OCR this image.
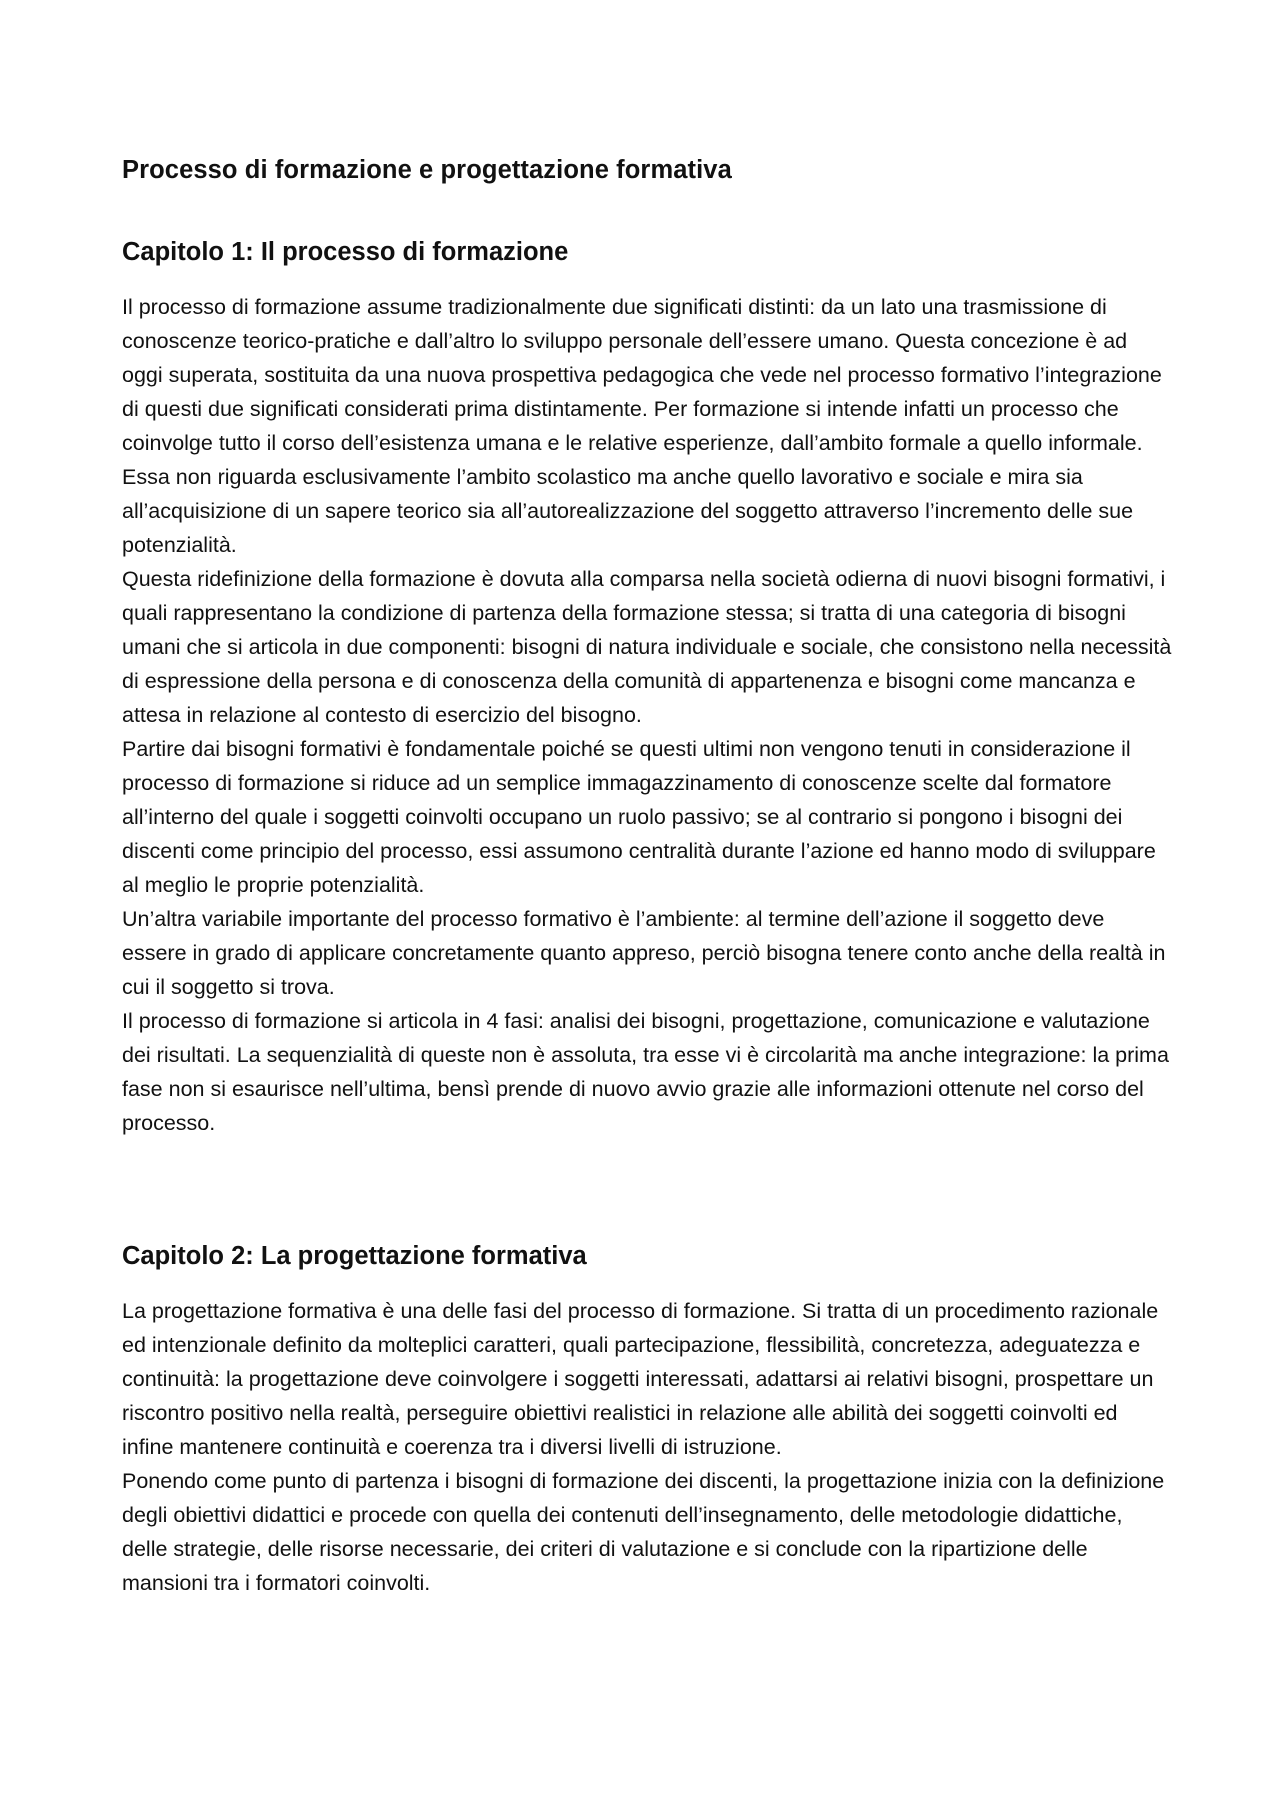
Processo di formazione e progettazione formativa
Capitolo 1: Il processo di formazione

Il processo di formazione assume tradizionalmente due significati distinti: da un lato una trasmissione di conoscenze teorico-pratiche e dall’altro lo sviluppo personale dell’essere umano. Questa concezione è ad oggi superata, sostituita da una nuova prospettiva pedagogica che vede nel processo formativo l’integrazione di questi due significati considerati prima distintamente. Per formazione si intende infatti un processo che coinvolge tutto il corso dell’esistenza umana e le relative esperienze, dall’ambito formale a quello informale. Essa non riguarda esclusivamente l’ambito scolastico ma anche quello lavorativo e sociale e mira sia all’acquisizione di un sapere teorico sia all’autorealizzazione del soggetto attraverso l’incremento delle sue potenzialità.

Questa ridefinizione della formazione è dovuta alla comparsa nella società odierna di nuovi bisogni formativi, i quali rappresentano la condizione di partenza della formazione stessa; si tratta di una categoria di bisogni umani che si articola in due componenti: bisogni di natura individuale e sociale, che consistono nella necessità di espressione della persona e di conoscenza della comunità di appartenenza e bisogni come mancanza e attesa in relazione al contesto di esercizio del bisogno.

Partire dai bisogni formativi è fondamentale poiché se questi ultimi non vengono tenuti in considerazione il processo di formazione si riduce ad un semplice immagazzinamento di conoscenze scelte dal formatore all’interno del quale i soggetti coinvolti occupano un ruolo passivo; se al contrario si pongono i bisogni dei discenti come principio del processo, essi assumono centralità durante l’azione ed hanno modo di sviluppare al meglio le proprie potenzialità.

Un’altra variabile importante del processo formativo è l’ambiente: al termine dell’azione il soggetto deve essere in grado di applicare concretamente quanto appreso, perciò bisogna tenere conto anche della realtà in cui il soggetto si trova.

Il processo di formazione si articola in 4 fasi: analisi dei bisogni, progettazione, comunicazione e valutazione dei risultati. La sequenzialità di queste non è assoluta, tra esse vi è circolarità ma anche integrazione: la prima fase non si esaurisce nell’ultima, bensì prende di nuovo avvio grazie alle informazioni ottenute nel corso del processo.

Capitolo 2: La progettazione formativa

La progettazione formativa è una delle fasi del processo di formazione. Si tratta di un procedimento razionale ed intenzionale definito da molteplici caratteri, quali partecipazione, flessibilità, concretezza, adeguatezza e continuità: la progettazione deve coinvolgere i soggetti interessati, adattarsi ai relativi bisogni, prospettare un riscontro positivo nella realtà, perseguire obiettivi realistici in relazione alle abilità dei soggetti coinvolti ed infine mantenere continuità e coerenza tra i diversi livelli di istruzione.

Ponendo come punto di partenza i bisogni di formazione dei discenti, la progettazione inizia con la definizione degli obiettivi didattici e procede con quella dei contenuti dell’insegnamento, delle metodologie didattiche, delle strategie, delle risorse necessarie, dei criteri di valutazione e si conclude con la ripartizione delle mansioni tra i formatori coinvolti.
